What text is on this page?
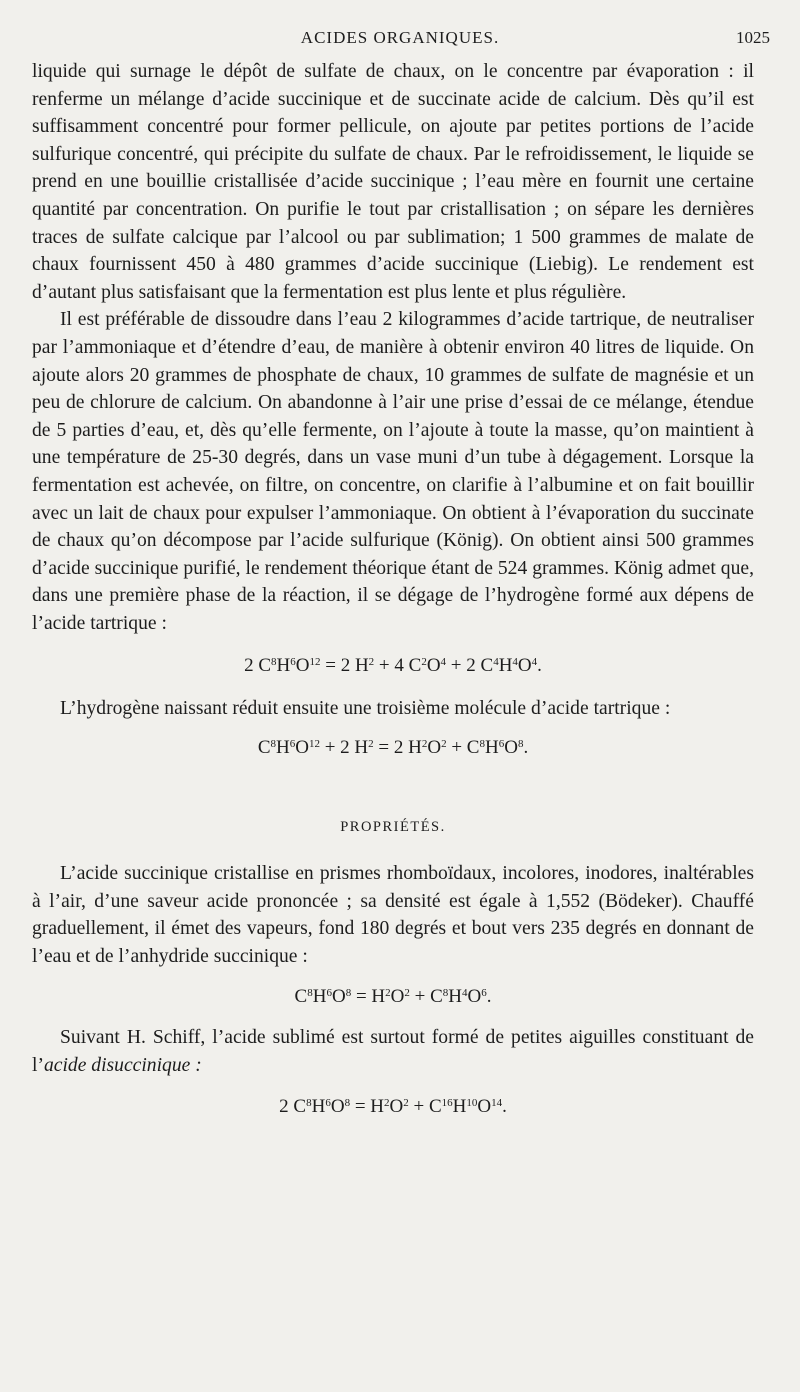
ACIDES ORGANIQUES.	1025

liquide qui surnage le dépôt de sulfate de chaux, on le concentre par évaporation : il renferme un mélange d’acide succinique et de succinate acide de calcium. Dès qu’il est suffisamment concentré pour former pellicule, on ajoute par petites portions de l’acide sulfurique concentré, qui précipite du sulfate de chaux. Par le refroidissement, le liquide se prend en une bouillie cristallisée d’acide succinique ; l’eau mère en fournit une certaine quantité par concentration. On purifie le tout par cristallisation ; on sépare les dernières traces de sulfate calcique par l’alcool ou par sublimation; 1 500 grammes de malate de chaux fournissent 450 à 480 grammes d’acide succinique (Liebig). Le rendement est d’autant plus satisfaisant que la fermentation est plus lente et plus régulière.

Il est préférable de dissoudre dans l’eau 2 kilogrammes d’acide tartrique, de neutraliser par l’ammoniaque et d’étendre d’eau, de manière à obtenir environ 40 litres de liquide. On ajoute alors 20 grammes de phosphate de chaux, 10 grammes de sulfate de magnésie et un peu de chlorure de calcium. On abandonne à l’air une prise d’essai de ce mélange, étendue de 5 parties d’eau, et, dès qu’elle fermente, on l’ajoute à toute la masse, qu’on maintient à une température de 25-30 degrés, dans un vase muni d’un tube à dégagement. Lorsque la fermentation est achevée, on filtre, on concentre, on clarifie à l’albumine et on fait bouillir avec un lait de chaux pour expulser l’ammoniaque. On obtient à l’évaporation du succinate de chaux qu’on décompose par l’acide sulfurique (König). On obtient ainsi 500 grammes d’acide succinique purifié, le rendement théorique étant de 524 grammes. König admet que, dans une première phase de la réaction, il se dégage de l’hydrogène formé aux dépens de l’acide tartrique :

2 $C^8H^6O^{12} = 2$ $H^2 + 4$ $C^2O^4 + 2$ $C^4H^4O^4$.

L’hydrogène naissant réduit ensuite une troisième molécule d’acide tartrique :

$C^8H^6O^{12} + 2$ $H^2 = 2$ $H^2O^2 + C^8H^6O^8$.
PROPRIÉTÉS.

L’acide succinique cristallise en prismes rhomboïdaux, incolores, inodores, inaltérables à l’air, d’une saveur acide prononcée ; sa densité est égale à 1,552 (Bödeker). Chauffé graduellement, il émet des vapeurs, fond 180 degrés et bout vers 235 degrés en donnant de l’eau et de l’anhydride succinique :

$C^8H^6O^8 = H^2O^2 + C^8H^4O^6$.

Suivant H. Schiff, l’acide sublimé est surtout formé de petites aiguilles constituant de l’acide disuccinique :

2 $C^8H^6O^8 = H^2O^2 + C^{16}H^{10}O^{14}$.
